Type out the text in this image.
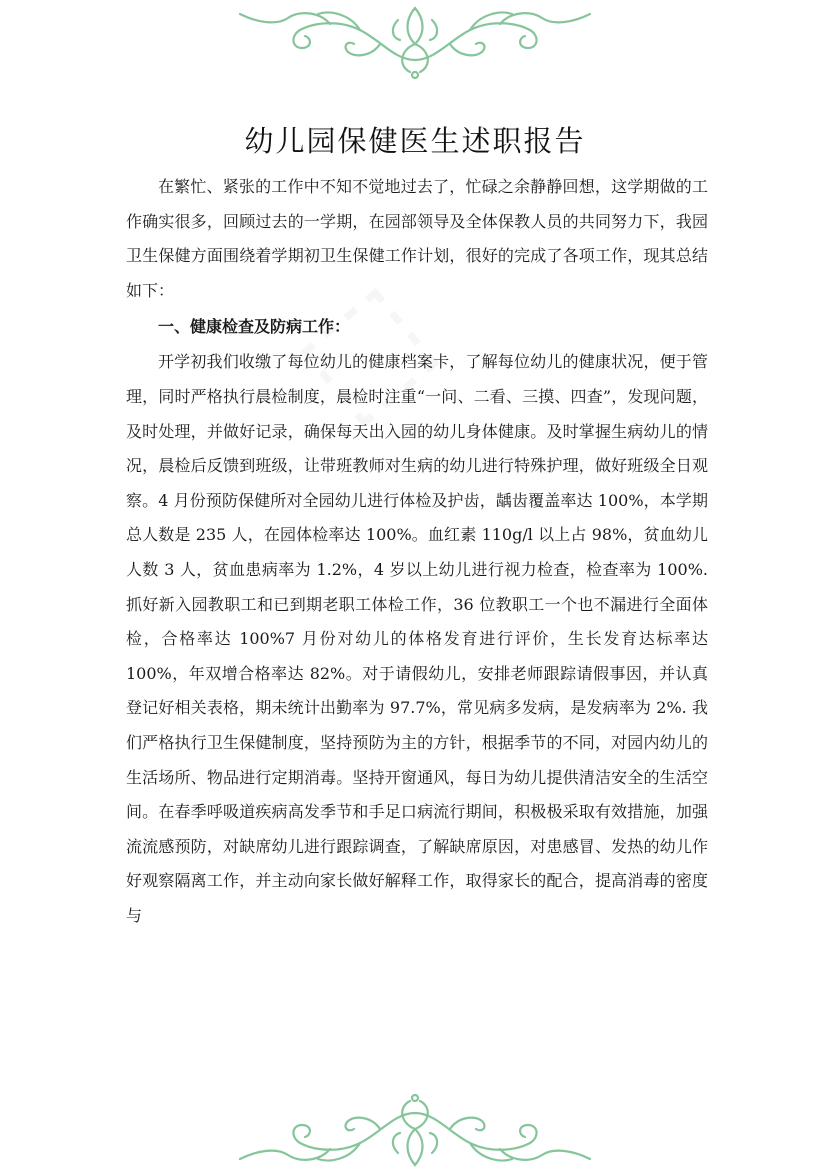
幼儿园保健医生述职报告

在繁忙、紧张的工作中不知不觉地过去了，忙碌之余静静回想，这学期做的工作确实很多，回顾过去的一学期，在园部领导及全体保教人员的共同努力下，我园卫生保健方面围绕着学期初卫生保健工作计划，很好的完成了各项工作，现其总结如下：

一、健康检查及防病工作：

开学初我们收缴了每位幼儿的健康档案卡，了解每位幼儿的健康状况，便于管理，同时严格执行晨检制度，晨检时注重“一问、二看、三摸、四查”，发现问题，及时处理，并做好记录，确保每天出入园的幼儿身体健康。及时掌握生病幼儿的情况，晨检后反馈到班级，让带班教师对生病的幼儿进行特殊护理，做好班级全日观察。4 月份预防保健所对全园幼儿进行体检及护齿，龋齿覆盖率达 100%，本学期总人数是 235 人，在园体检率达 100%。血红素 110g/l 以上占 98%，贫血幼儿人数 3 人，贫血患病率为 1.2%，4 岁以上幼儿进行视力检查，检查率为 100%. 抓好新入园教职工和已到期老职工体检工作，36 位教职工一个也不漏进行全面体检，合格率达 100%7 月份对幼儿的体格发育进行评价，生长发育达标率达 100%，年双增合格率达 82%。对于请假幼儿，安排老师跟踪请假事因，并认真登记好相关表格，期未统计出勤率为 97.7%，常见病多发病，是发病率为 2%. 我们严格执行卫生保健制度，坚持预防为主的方针，根据季节的不同，对园内幼儿的生活场所、物品进行定期消毒。坚持开窗通风，每日为幼儿提供清洁安全的生活空间。在春季呼吸道疾病高发季节和手足口病流行期间，积极极采取有效措施，加强流流感预防，对缺席幼儿进行跟踪调查，了解缺席原因，对患感冒、发热的幼儿作好观察隔离工作，并主动向家长做好解释工作，取得家长的配合，提高消毒的密度与
